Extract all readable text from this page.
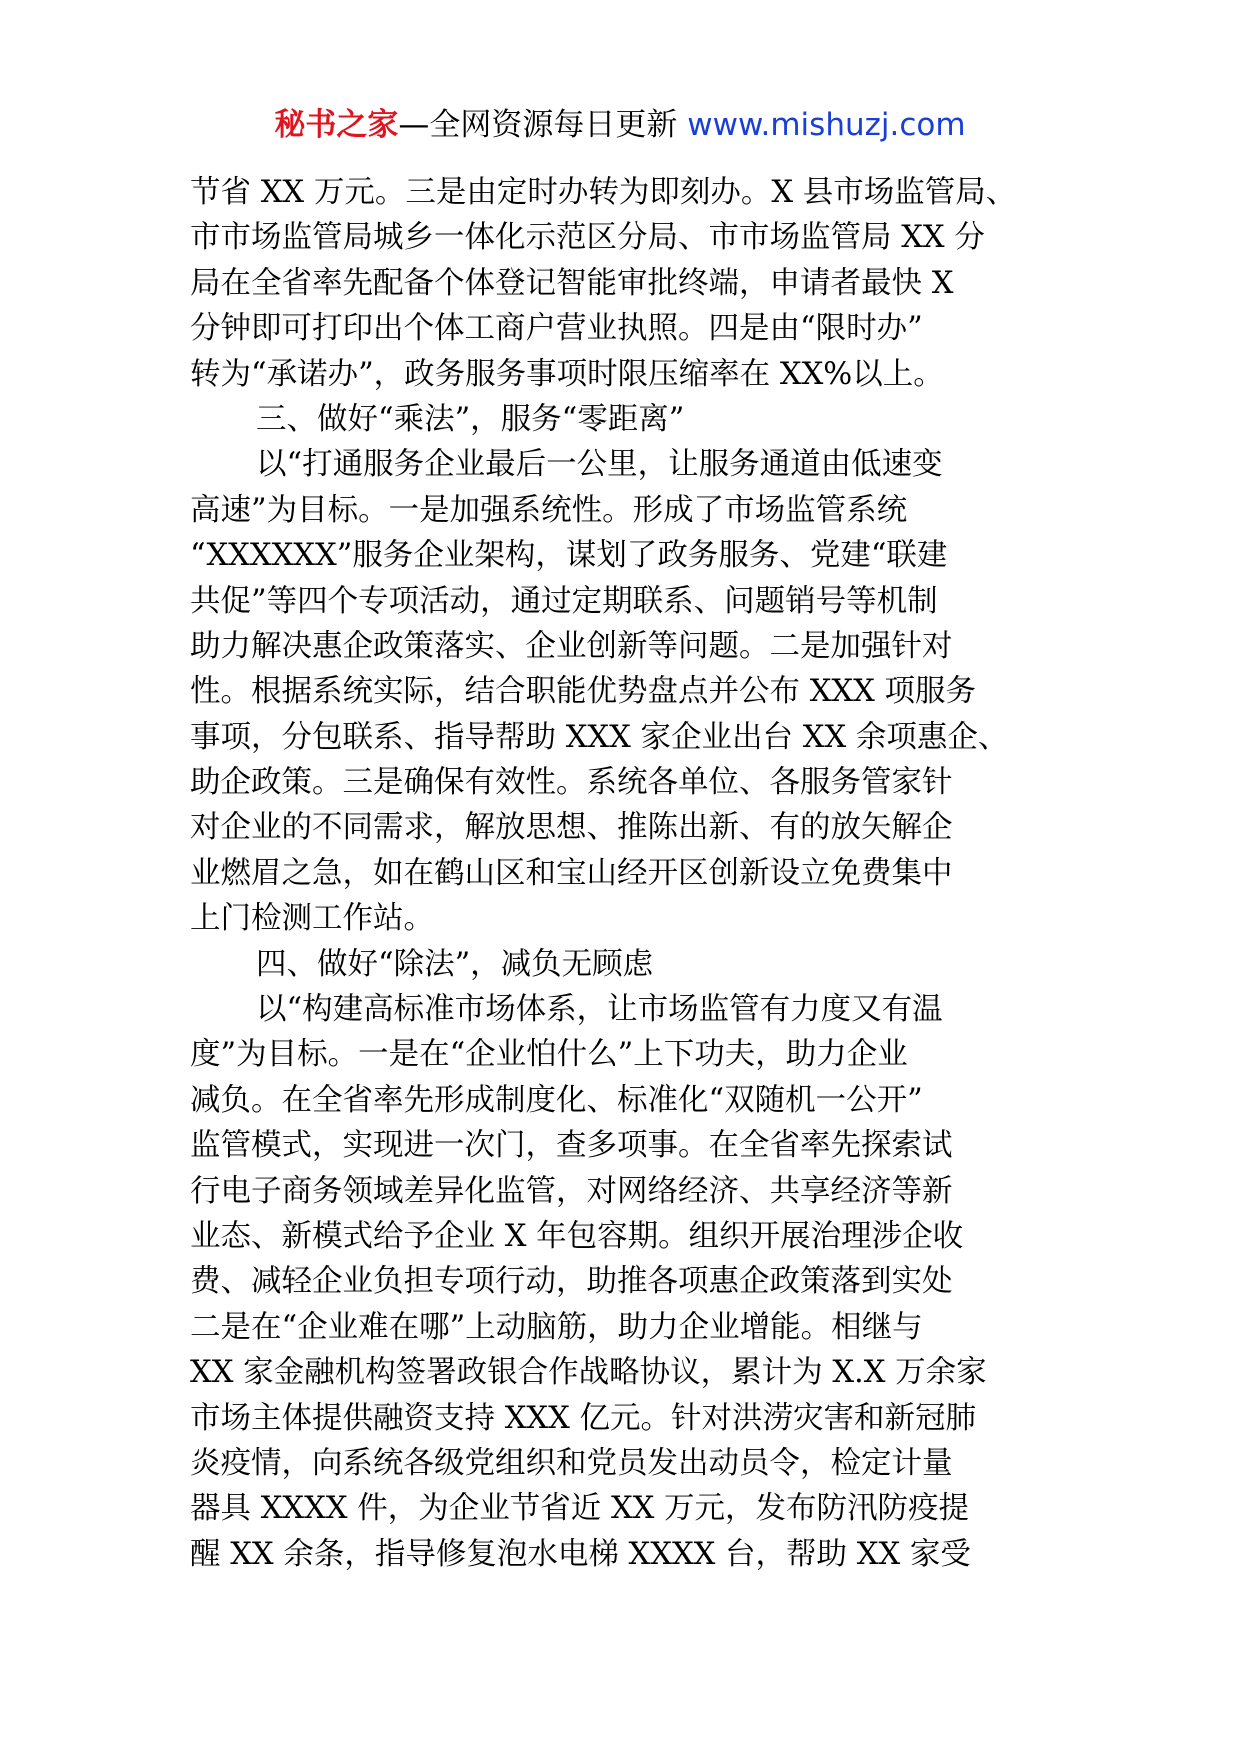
秘书之家—全网资源每日更新 www.mishuzj.com
节省 XX 万元。三是由定时办转为即刻办。X 县市场监管局、
市市场监管局城乡一体化示范区分局、市市场监管局 XX 分
局在全省率先配备个体登记智能审批终端，申请者最快 X
分钟即可打印出个体工商户营业执照。四是由“限时办”
转为“承诺办”，政务服务事项时限压缩率在 XX%以上。
三、做好“乘法”，服务“零距离”
以“打通服务企业最后一公里，让服务通道由低速变
高速”为目标。一是加强系统性。形成了市场监管系统
“XXXXXX”服务企业架构，谋划了政务服务、党建“联建
共促”等四个专项活动，通过定期联系、问题销号等机制
助力解决惠企政策落实、企业创新等问题。二是加强针对
性。根据系统实际，结合职能优势盘点并公布 XXX 项服务
事项，分包联系、指导帮助 XXX 家企业出台 XX 余项惠企、
助企政策。三是确保有效性。系统各单位、各服务管家针
对企业的不同需求，解放思想、推陈出新、有的放矢解企
业燃眉之急，如在鹤山区和宝山经开区创新设立免费集中
上门检测工作站。
四、做好“除法”，减负无顾虑
以“构建高标准市场体系，让市场监管有力度又有温
度”为目标。一是在“企业怕什么”上下功夫，助力企业
减负。在全省率先形成制度化、标准化“双随机一公开”
监管模式，实现进一次门，查多项事。在全省率先探索试
行电子商务领域差异化监管，对网络经济、共享经济等新
业态、新模式给予企业 X 年包容期。组织开展治理涉企收
费、减轻企业负担专项行动，助推各项惠企政策落到实处
二是在“企业难在哪”上动脑筋，助力企业增能。相继与
XX 家金融机构签署政银合作战略协议，累计为 X.X 万余家
市场主体提供融资支持 XXX 亿元。针对洪涝灾害和新冠肺
炎疫情，向系统各级党组织和党员发出动员令，检定计量
器具 XXXX 件，为企业节省近 XX 万元，发布防汛防疫提
醒 XX 余条，指导修复泡水电梯 XXXX 台，帮助 XX 家受
